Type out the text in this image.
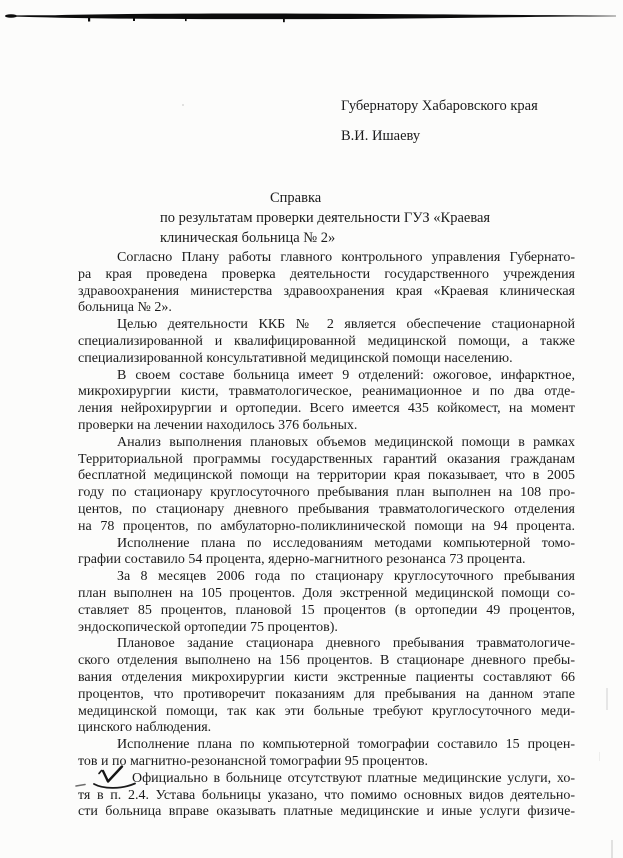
Губернатору Хабаровского края
В.И. Ишаеву
Справка
по результатам проверки деятельности ГУЗ «Краевая
клиническая больница № 2»
Согласно Плану работы главного контрольного управления Губернато-
ра края проведена проверка деятельности государственного учреждения
здравоохранения министерства здравоохранения края «Краевая клиническая
больница № 2».
Целью деятельности ККБ № 2 является обеспечение стационарной
специализированной и квалифицированной медицинской помощи, а также
специализированной консультативной медицинской помощи населению.
В своем составе больница имеет 9 отделений: ожоговое, инфарктное,
микрохирургии кисти, травматологическое, реанимационное и по два отде-
ления нейрохирургии и ортопедии. Всего имеется 435 койкомест, на момент
проверки на лечении находилось 376 больных.
Анализ выполнения плановых объемов медицинской помощи в рамках
Территориальной программы государственных гарантий оказания гражданам
бесплатной медицинской помощи на территории края показывает, что в 2005
году по стационару круглосуточного пребывания план выполнен на 108 про-
центов, по стационару дневного пребывания травматологического отделения
на 78 процентов, по амбулаторно-поликлинической помощи на 94 процента.
Исполнение плана по исследованиям методами компьютерной томо-
графии составило 54 процента, ядерно-магнитного резонанса 73 процента.
За 8 месяцев 2006 года по стационару круглосуточного пребывания
план выполнен на 105 процентов. Доля экстренной медицинской помощи со-
ставляет 85 процентов, плановой 15 процентов (в ортопедии 49 процентов,
эндоскопической ортопедии 75 процентов).
Плановое задание стационара дневного пребывания травматологиче-
ского отделения выполнено на 156 процентов. В стационаре дневного пребы-
вания отделения микрохирургии кисти экстренные пациенты составляют 66
процентов, что противоречит показаниям для пребывания на данном этапе
медицинской помощи, так как эти больные требуют круглосуточного меди-
цинского наблюдения.
Исполнение плана по компьютерной томографии составило 15 процен-
тов и по магнитно-резонансной томографии 95 процентов.
Официально в больнице отсутствуют платные медицинские услуги, хо-
тя в п. 2.4. Устава больницы указано, что помимо основных видов деятельно-
сти больница вправе оказывать платные медицинские и иные услуги физиче-
